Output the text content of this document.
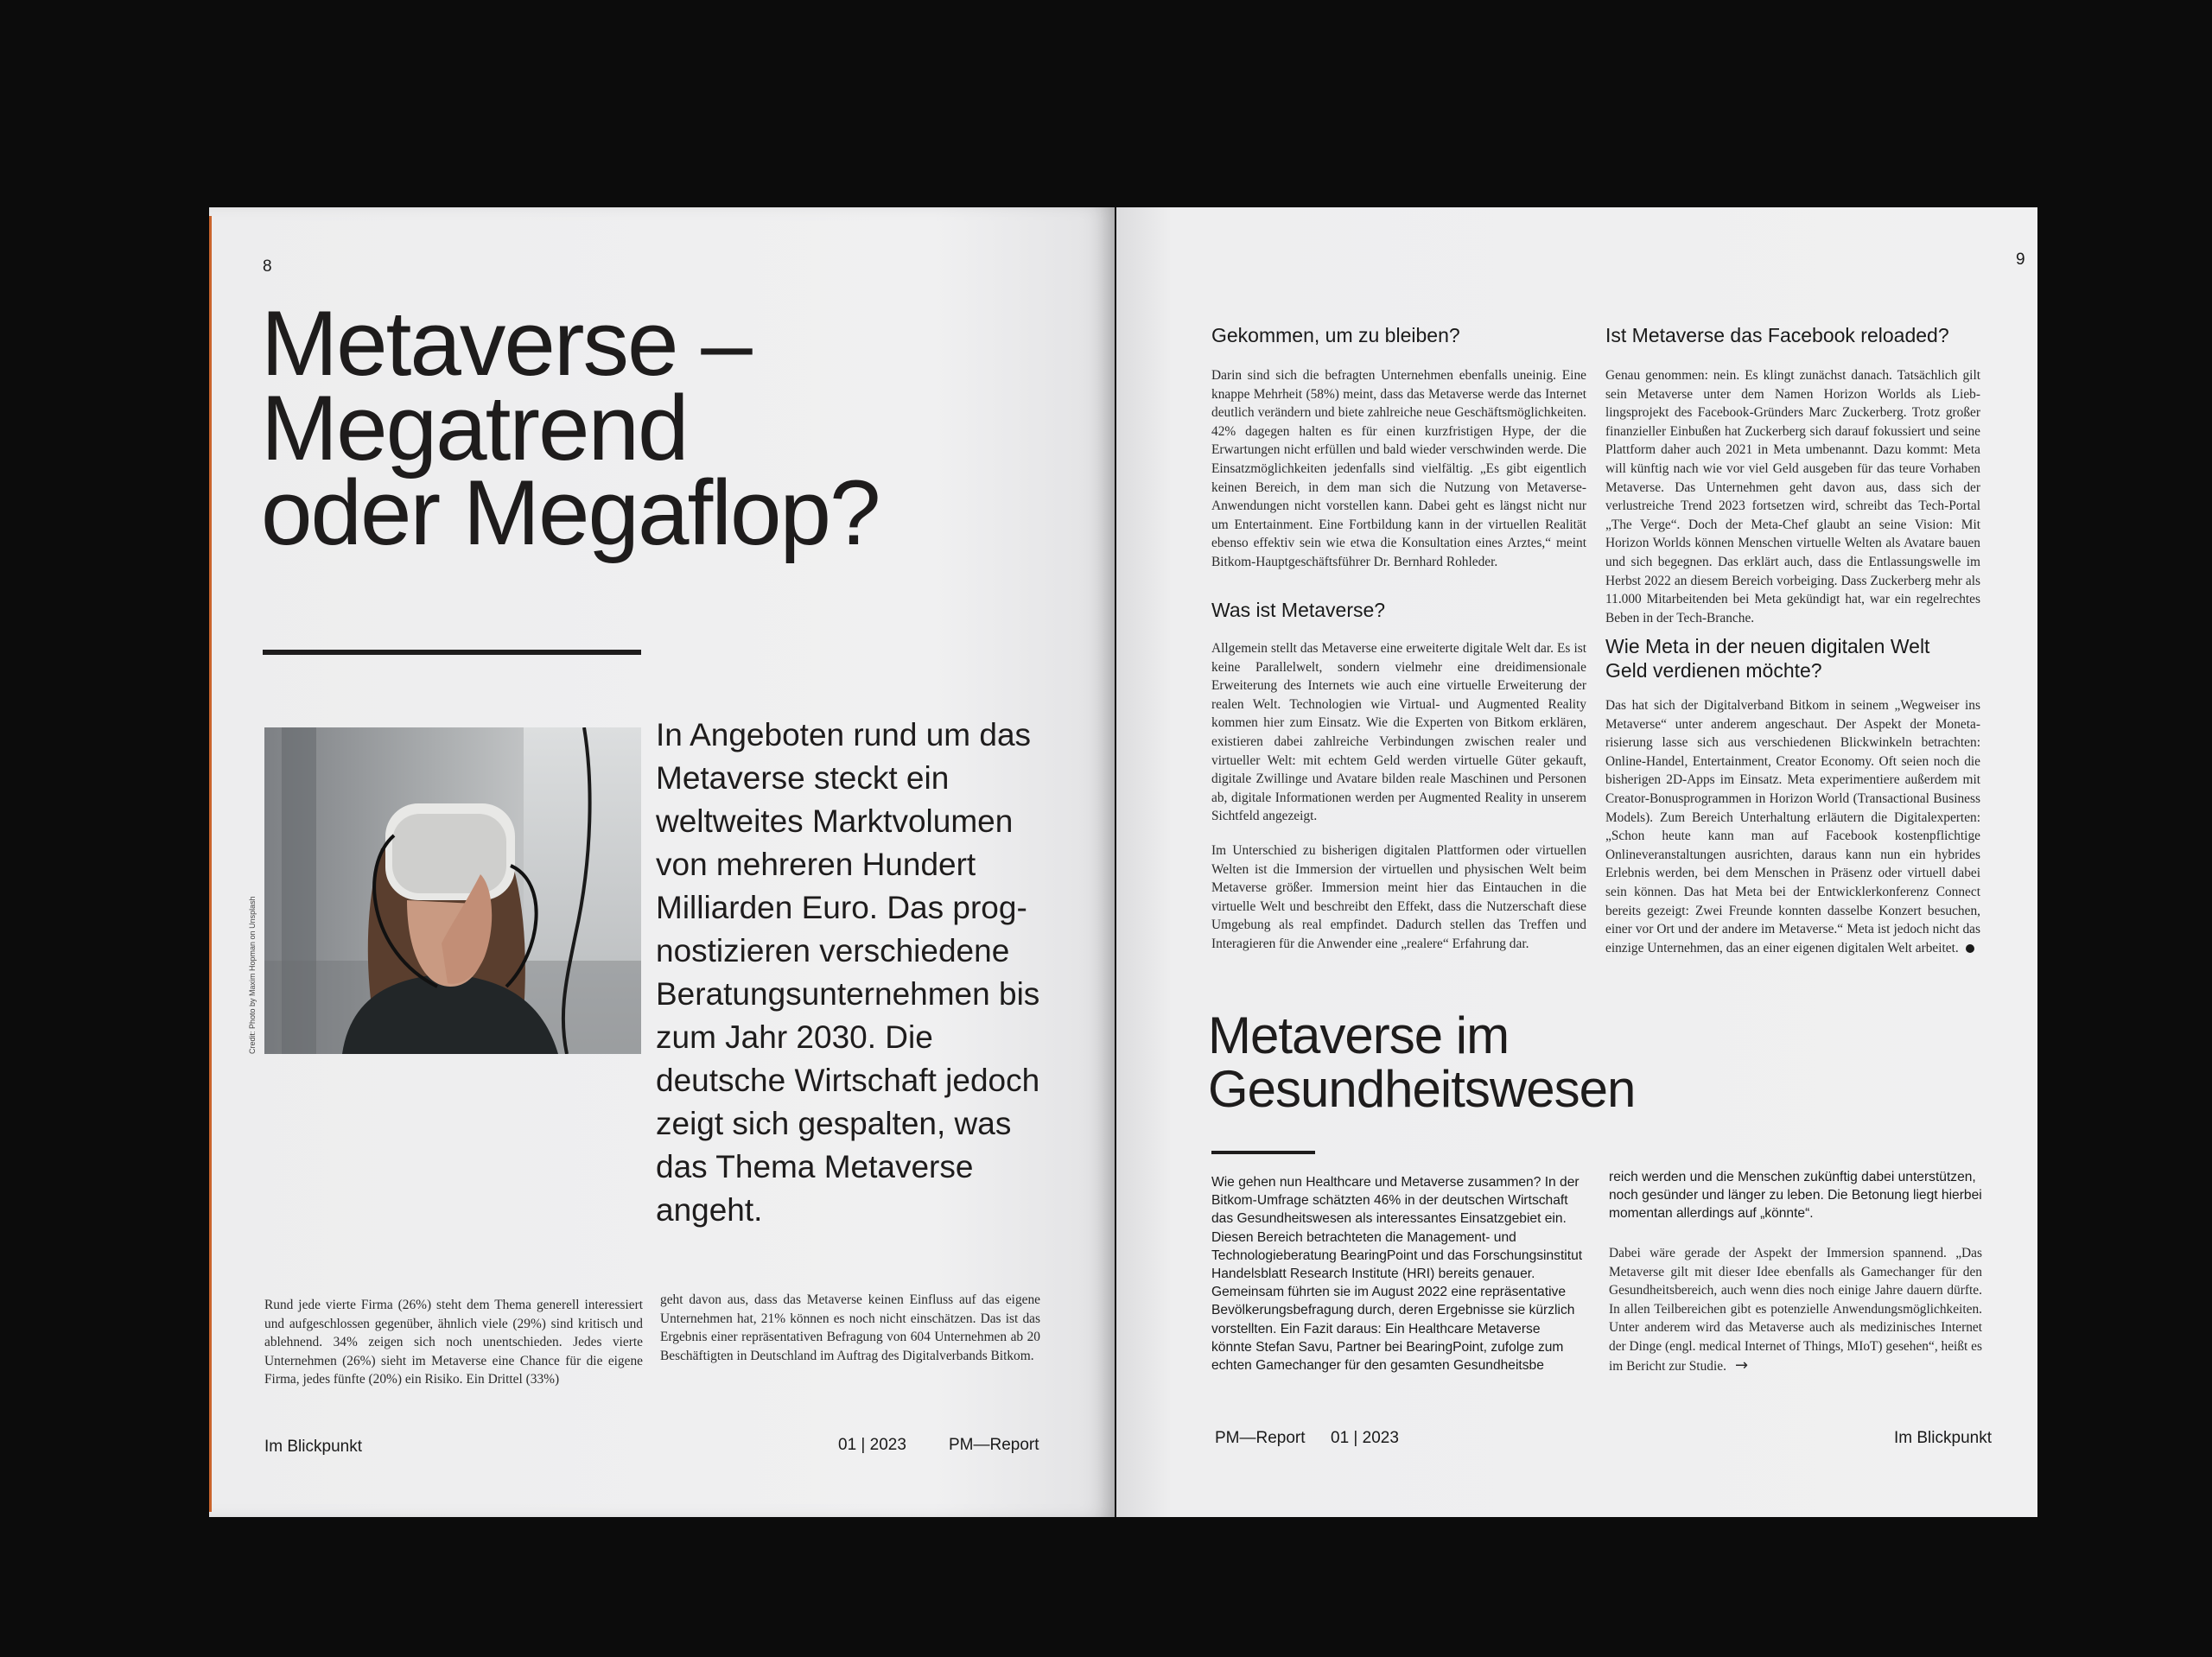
8
Metaverse –
Megatrend
oder Megaflop?
Credit: Photo by Maxim Hopman on Unsplash

In Angeboten rund um das Metaverse steckt ein weltweites Marktvolumen von mehreren Hundert Milliarden Euro. Das prognostizieren verschiedene Beratungsunternehmen bis zum Jahr 2030. Die deutsche Wirtschaft jedoch zeigt sich gespalten, was das Thema Metaverse angeht.

Rund jede vierte Firma (26%) steht dem Thema generell interessiert und aufgeschlossen gegenüber, ähnlich viele (29%) sind kritisch und ablehnend. 34% zeigen sich noch unentschieden. Jedes vierte Unternehmen (26%) sieht im Metaverse eine Chance für die eigene Firma, jedes fünfte (20%) ein Risiko. Ein Drittel (33%)

geht davon aus, dass das Metaverse keinen Einfluss auf das eigene Unternehmen hat, 21% können es noch nicht einschätzen. Das ist das Ergebnis einer repräsentativen Befragung von 604 Unternehmen ab 20 Beschäftigten in Deutschland im Auftrag des Digitalverbands Bitkom.

Im Blickpunkt	01 | 2023	PM—Report
9
Gekommen, um zu bleiben?

Darin sind sich die befragten Unternehmen ebenfalls uneinig. Eine knappe Mehrheit (58%) meint, dass das Metaverse werde das Internet deutlich verändern und biete zahlreiche neue Geschäftsmöglichkeiten. 42% dagegen halten es für einen kurzfristigen Hype, der die Erwartungen nicht erfüllen und bald wieder verschwinden werde. Die Einsatzmöglichkeiten jedenfalls sind vielfältig. „Es gibt eigentlich keinen Bereich, in dem man sich die Nutzung von Metaverse-Anwendungen nicht vorstellen kann. Dabei geht es längst nicht nur um Entertainment. Eine Fortbildung kann in der virtuellen Realität ebenso effektiv sein wie etwa die Konsultation eines Arztes,“ meint Bitkom-Hauptgeschäftsführer Dr. Bernhard Rohleder.

Was ist Metaverse?

Allgemein stellt das Metaverse eine erweiterte digitale Welt dar. Es ist keine Parallelwelt, sondern vielmehr eine dreidimensionale Erweiterung des Internets wie auch eine virtuelle Erweiterung der realen Welt. Technologien wie Virtual- und Augmented Reality kommen hier zum Einsatz. Wie die Experten von Bitkom erklären, existieren dabei zahlreiche Verbindungen zwischen realer und virtueller Welt: mit echtem Geld werden virtuelle Güter gekauft, digitale Zwillinge und Avatare bilden reale Maschinen und Personen ab, digitale Informationen werden per Augmented Reality in unserem Sichtfeld angezeigt.

Im Unterschied zu bisherigen digitalen Plattformen oder virtuellen Welten ist die Immersion der virtuellen und physischen Welt beim Metaverse größer. Immersion meint hier das Eintauchen in die virtuelle Welt und beschreibt den Effekt, dass die Nutzerschaft diese Umgebung als real empfindet. Dadurch stellen das Treffen und Interagieren für die Anwender eine „realere“ Erfahrung dar.

Ist Metaverse das Facebook reloaded?

Genau genommen: nein. Es klingt zunächst danach. Tatsächlich gilt sein Metaverse unter dem Namen Horizon Worlds als Lieblingsprojekt des Facebook-Gründers Marc Zuckerberg. Trotz großer finanzieller Einbußen hat Zuckerberg sich darauf fokussiert und seine Plattform daher auch 2021 in Meta umbenannt. Dazu kommt: Meta will künftig nach wie vor viel Geld ausgeben für das teure Vorhaben Metaverse. Das Unternehmen geht davon aus, dass sich der verlustreiche Trend 2023 fortsetzen wird, schreibt das Tech-Portal „The Verge“. Doch der Meta-Chef glaubt an seine Vision: Mit Horizon Worlds können Menschen virtuelle Welten als Avatare bauen und sich begegnen. Das erklärt auch, dass die Entlassungswelle im Herbst 2022 an diesem Bereich vorbeiging. Dass Zuckerberg mehr als 11.000 Mitarbeitenden bei Meta gekündigt hat, war ein regelrechtes Beben in der Tech-Branche.

Wie Meta in der neuen digitalen Welt Geld verdienen möchte?

Das hat sich der Digitalverband Bitkom in seinem „Wegweiser ins Metaverse“ unter anderem angeschaut. Der Aspekt der Monetarisierung lasse sich aus verschiedenen Blickwinkeln betrachten: Online-Handel, Entertainment, Creator Economy. Oft seien noch die bisherigen 2D-Apps im Einsatz. Meta experimentiere außerdem mit Creator-Bonusprogrammen in Horizon World (Transactional Business Models). Zum Bereich Unterhaltung erläutern die Digitalexperten: „Schon heute kann man auf Facebook kostenpflichtige Onlineveranstaltungen ausrichten, daraus kann nun ein hybrides Erlebnis werden, bei dem Menschen in Präsenz oder virtuell dabei sein können. Das hat Meta bei der Entwicklerkonferenz Connect bereits gezeigt: Zwei Freunde konnten dasselbe Konzert besuchen, einer vor Ort und der andere im Metaverse.“ Meta ist jedoch nicht das einzige Unternehmen, das an einer eigenen digitalen Welt arbeitet.

Metaverse im
Gesundheitswesen

Wie gehen nun Healthcare und Metaverse zusammen? In der Bitkom-Umfrage schätzten 46% in der deutschen Wirtschaft das Gesundheitswesen als interessantes Einsatzgebiet ein. Diesen Bereich betrachteten die Management- und Technologieberatung BearingPoint und das Forschungsinstitut Handelsblatt Research Institute (HRI) bereits genauer. Gemeinsam führten sie im August 2022 eine repräsentative Bevölkerungsbefragung durch, deren Ergebnisse sie kürzlich vorstellten. Ein Fazit daraus: Ein Healthcare Metaverse könnte Stefan Savu, Partner bei BearingPoint, zufolge zum echten Gamechanger für den gesamten Gesundheitsbe

reich werden und die Menschen zukünftig dabei unterstützen, noch gesünder und länger zu leben. Die Betonung liegt hierbei momentan allerdings auf „könnte“.

Dabei wäre gerade der Aspekt der Immersion spannend. „Das Metaverse gilt mit dieser Idee ebenfalls als Gamechanger für den Gesundheitsbereich, auch wenn dies noch einige Jahre dauern dürfte. In allen Teilbereichen gibt es potenzielle Anwendungsmöglichkeiten. Unter anderem wird das Metaverse auch als medizinisches Internet der Dinge (engl. medical Internet of Things, MIoT) gesehen“, heißt es im Bericht zur Studie. →

PM—Report 01 | 2023	Im Blickpunkt
